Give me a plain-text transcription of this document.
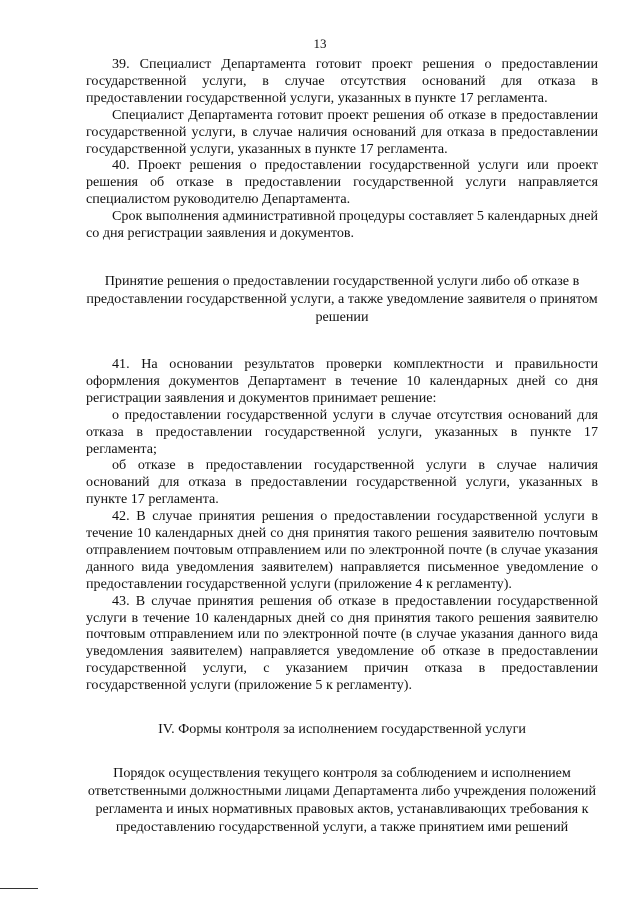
13

39. Специалист Департамента готовит проект решения о предоставлении государственной услуги, в случае отсутствия оснований для отказа в предоставлении государственной услуги, указанных в пункте 17 регламента.

Специалист Департамента готовит проект решения об отказе в предоставлении государственной услуги, в случае наличия оснований для отказа в предоставлении государственной услуги, указанных в пункте 17 регламента.

40. Проект решения о предоставлении государственной услуги или проект решения об отказе в предоставлении государственной услуги направляется специалистом руководителю Департамента.

Срок выполнения административной процедуры составляет 5 календарных дней со дня регистрации заявления и документов.

Принятие решения о предоставлении государственной услуги либо об отказе в предоставлении государственной услуги, а также уведомление заявителя о принятом решении

41. На основании результатов проверки комплектности и правильности оформления документов Департамент в течение 10 календарных дней со дня регистрации заявления и документов принимает решение:

о предоставлении государственной услуги в случае отсутствия оснований для отказа в предоставлении государственной услуги, указанных в пункте 17 регламента;

об отказе в предоставлении государственной услуги в случае наличия оснований для отказа в предоставлении государственной услуги, указанных в пункте 17 регламента.

42. В случае принятия решения о предоставлении государственной услуги в течение 10 календарных дней со дня принятия такого решения заявителю почтовым отправлением почтовым отправлением или по электронной почте (в случае указания данного вида уведомления заявителем) направляется письменное уведомление о предоставлении государственной услуги (приложение 4 к регламенту).

43. В случае принятия решения об отказе в предоставлении государственной услуги в течение 10 календарных дней со дня принятия такого решения заявителю почтовым отправлением или по электронной почте (в случае указания данного вида уведомления заявителем) направляется уведомление об отказе в предоставлении государственной услуги, с указанием причин отказа в предоставлении государственной услуги (приложение 5 к регламенту).

IV. Формы контроля за исполнением государственной услуги
Порядок осуществления текущего контроля за соблюдением и исполнением ответственными должностными лицами Департамента либо учреждения положений регламента и иных нормативных правовых актов, устанавливающих требования к предоставлению государственной услуги, а также принятием ими решений
